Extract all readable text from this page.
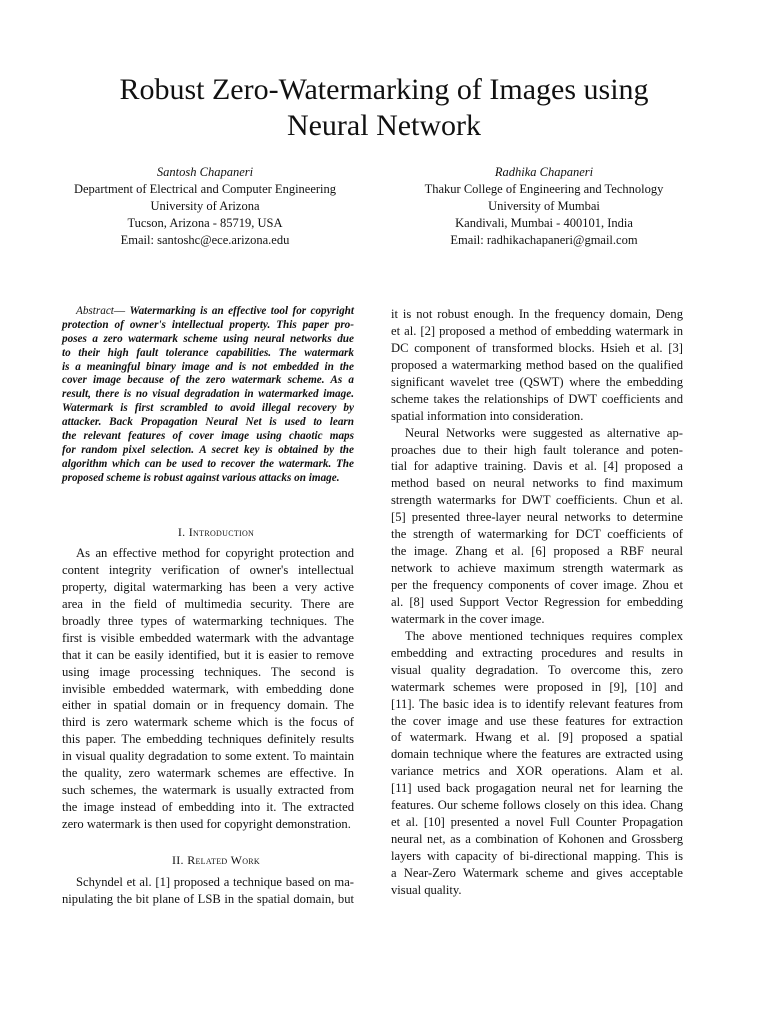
Robust Zero-Watermarking of Images using
Neural Network
Santosh Chapaneri
Department of Electrical and Computer Engineering
University of Arizona
Tucson, Arizona - 85719, USA
Email: santoshc@ece.arizona.edu
Radhika Chapaneri
Thakur College of Engineering and Technology
University of Mumbai
Kandivali, Mumbai - 400101, India
Email: radhikachapaneri@gmail.com
Abstract— Watermarking is an effective tool for copyright
protection of owner's intellectual property. This paper pro-
poses a zero watermark scheme using neural networks due
to their high fault tolerance capabilities. The watermark
is a meaningful binary image and is not embedded in the
cover image because of the zero watermark scheme. As a
result, there is no visual degradation in watermarked image.
Watermark is first scrambled to avoid illegal recovery by
attacker. Back Propagation Neural Net is used to learn
the relevant features of cover image using chaotic maps
for random pixel selection. A secret key is obtained by the
algorithm which can be used to recover the watermark. The
proposed scheme is robust against various attacks on image.
I. Introduction
As an effective method for copyright protection and
content integrity verification of owner's intellectual
property, digital watermarking has been a very active
area in the field of multimedia security. There are
broadly three types of watermarking techniques. The
first is visible embedded watermark with the advantage
that it can be easily identified, but it is easier to remove
using image processing techniques. The second is
invisible embedded watermark, with embedding done
either in spatial domain or in frequency domain. The
third is zero watermark scheme which is the focus of
this paper. The embedding techniques definitely results
in visual quality degradation to some extent. To maintain
the quality, zero watermark schemes are effective. In
such schemes, the watermark is usually extracted from
the image instead of embedding into it. The extracted
zero watermark is then used for copyright demonstration.
II. Related Work
Schyndel et al. [1] proposed a technique based on ma-
nipulating the bit plane of LSB in the spatial domain, but
it is not robust enough. In the frequency domain, Deng
et al. [2] proposed a method of embedding watermark in
DC component of transformed blocks. Hsieh et al. [3]
proposed a watermarking method based on the qualified
significant wavelet tree (QSWT) where the embedding
scheme takes the relationships of DWT coefficients and
spatial information into consideration.
Neural Networks were suggested as alternative ap-
proaches due to their high fault tolerance and poten-
tial for adaptive training. Davis et al. [4] proposed a
method based on neural networks to find maximum
strength watermarks for DWT coefficients. Chun et al.
[5] presented three-layer neural networks to determine
the strength of watermarking for DCT coefficients of
the image. Zhang et al. [6] proposed a RBF neural
network to achieve maximum strength watermark as
per the frequency components of cover image. Zhou et
al. [8] used Support Vector Regression for embedding
watermark in the cover image.
The above mentioned techniques requires complex
embedding and extracting procedures and results in
visual quality degradation. To overcome this, zero
watermark schemes were proposed in [9], [10] and
[11]. The basic idea is to identify relevant features from
the cover image and use these features for extraction
of watermark. Hwang et al. [9] proposed a spatial
domain technique where the features are extracted using
variance metrics and XOR operations. Alam et al.
[11] used back progagation neural net for learning the
features. Our scheme follows closely on this idea. Chang
et al. [10] presented a novel Full Counter Propagation
neural net, as a combination of Kohonen and Grossberg
layers with capacity of bi-directional mapping. This is
a Near-Zero Watermark scheme and gives acceptable
visual quality.
